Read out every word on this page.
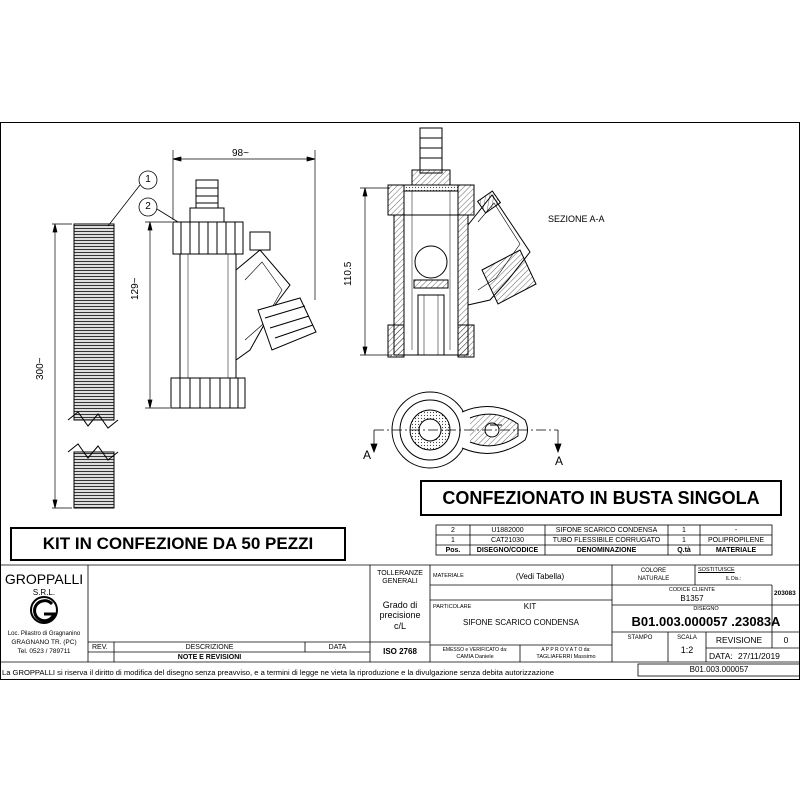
98~
129~
300~
110.5
SEZIONE A-A
A	A
1
2
CONFEZIONATO IN BUSTA SINGOLA
KIT IN CONFEZIONE DA 50 PEZZI
2	U1882000	SIFONE SCARICO CONDENSA	1	-
1	CAT21030	TUBO FLESSIBILE CORRUGATO	1	POLIPROPILENE
Pos.	DISEGNO/CODICE	DENOMINAZIONE	Q.tà	MATERIALE
GROPPALLI
S.R.L.
Loc. Pilastro di Gragnanino
GRAGNANO TR. (PC)
Tel. 0523 / 789711
REV.	DESCRIZIONE	DATA
NOTE E REVISIONI
TOLLERANZE GENERALI
Grado di precisione
c/L
ISO 2768
MATERIALE	(Vedi Tabella)
PARTICOLARE	KIT
SIFONE SCARICO CONDENSA
EMESSO e VERIFICATO da:
CAMIA Daniele
A P P R O V A T O da:
TAGLIAFERRI Massimo
COLORE
NATURALE
SOSTITUISCE
IL Dis.:
CODICE CLIENTE
B1357
203083
DISEGNO
B01.003.000057 .23083A
STAMPO	SCALA
1:2
REVISIONE	0
DATA: 27/11/2019
B01.003.000057
La GROPPALLI si riserva il diritto di modifica del disegno senza preavviso, e a termini di legge ne vieta la riproduzione e la divulgazione senza debita autorizzazione
